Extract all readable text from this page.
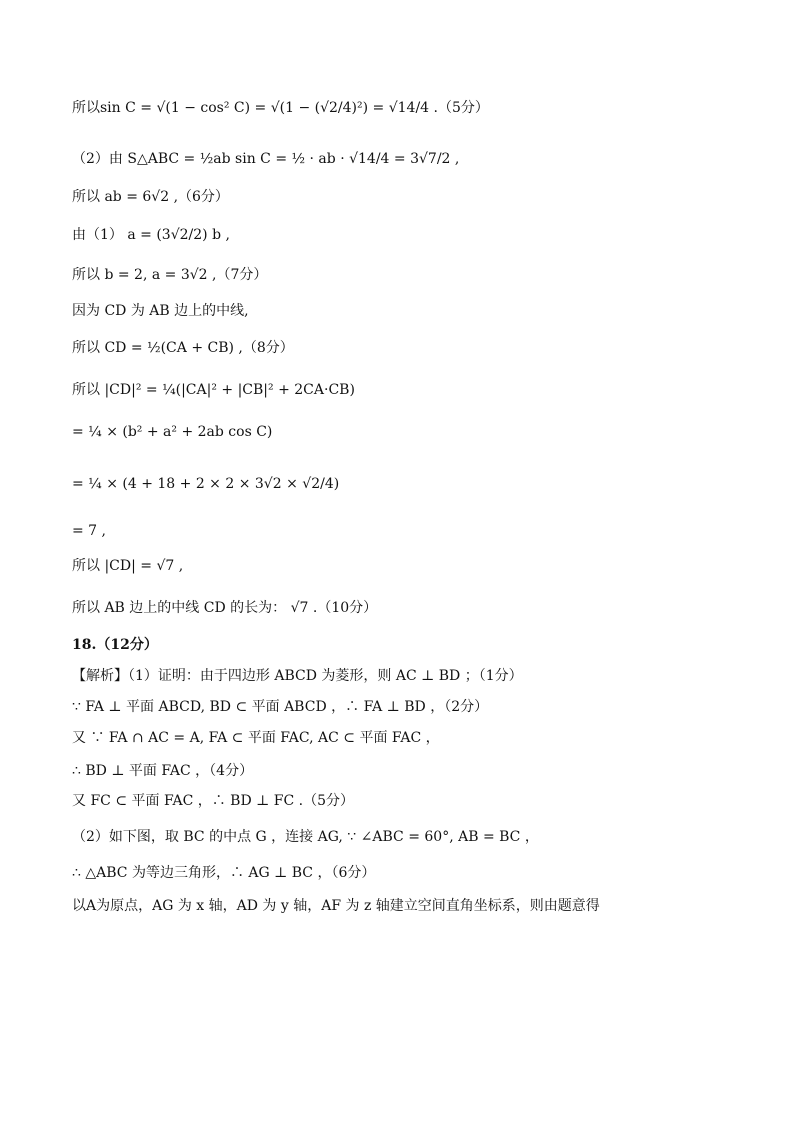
所以sin C = √(1 − cos² C) = √(1 − (√2/4)²) = √14/4 .（5分）
（2）由 S△ABC = ½ab sin C = ½ · ab · √14/4 = 3√7/2 ,
所以 ab = 6√2 ,（6分）
由（1） a = (3√2/2) b ,
所以 b = 2, a = 3√2 ,（7分）
因为 CD 为 AB 边上的中线,
所以 CD = ½(CA + CB) ,（8分）
所以 |CD|² = ¼(|CA|² + |CB|² + 2CA·CB)
= ¼ × (b² + a² + 2ab cos C)
= ¼ × (4 + 18 + 2 × 2 × 3√2 × √2/4)
= 7 ,
所以 |CD| = √7 ,
所以 AB 边上的中线 CD 的长为： √7 .（10分）
18.（12分）
【解析】（1）证明：由于四边形 ABCD 为菱形，则 AC ⊥ BD ；（1分）
∵ FA ⊥ 平面 ABCD, BD ⊂ 平面 ABCD ，∴ FA ⊥ BD ，（2分）
又 ∵ FA ∩ AC = A, FA ⊂ 平面 FAC, AC ⊂ 平面 FAC ，
∴ BD ⊥ 平面 FAC ，（4分）
又 FC ⊂ 平面 FAC ，∴ BD ⊥ FC .（5分）
（2）如下图，取 BC 的中点 G ，连接 AG, ∵ ∠ABC = 60°, AB = BC ，
∴ △ABC 为等边三角形，∴ AG ⊥ BC ，（6分）
以A为原点，AG 为 x 轴，AD 为 y 轴，AF 为 z 轴建立空间直角坐标系，则由题意得
